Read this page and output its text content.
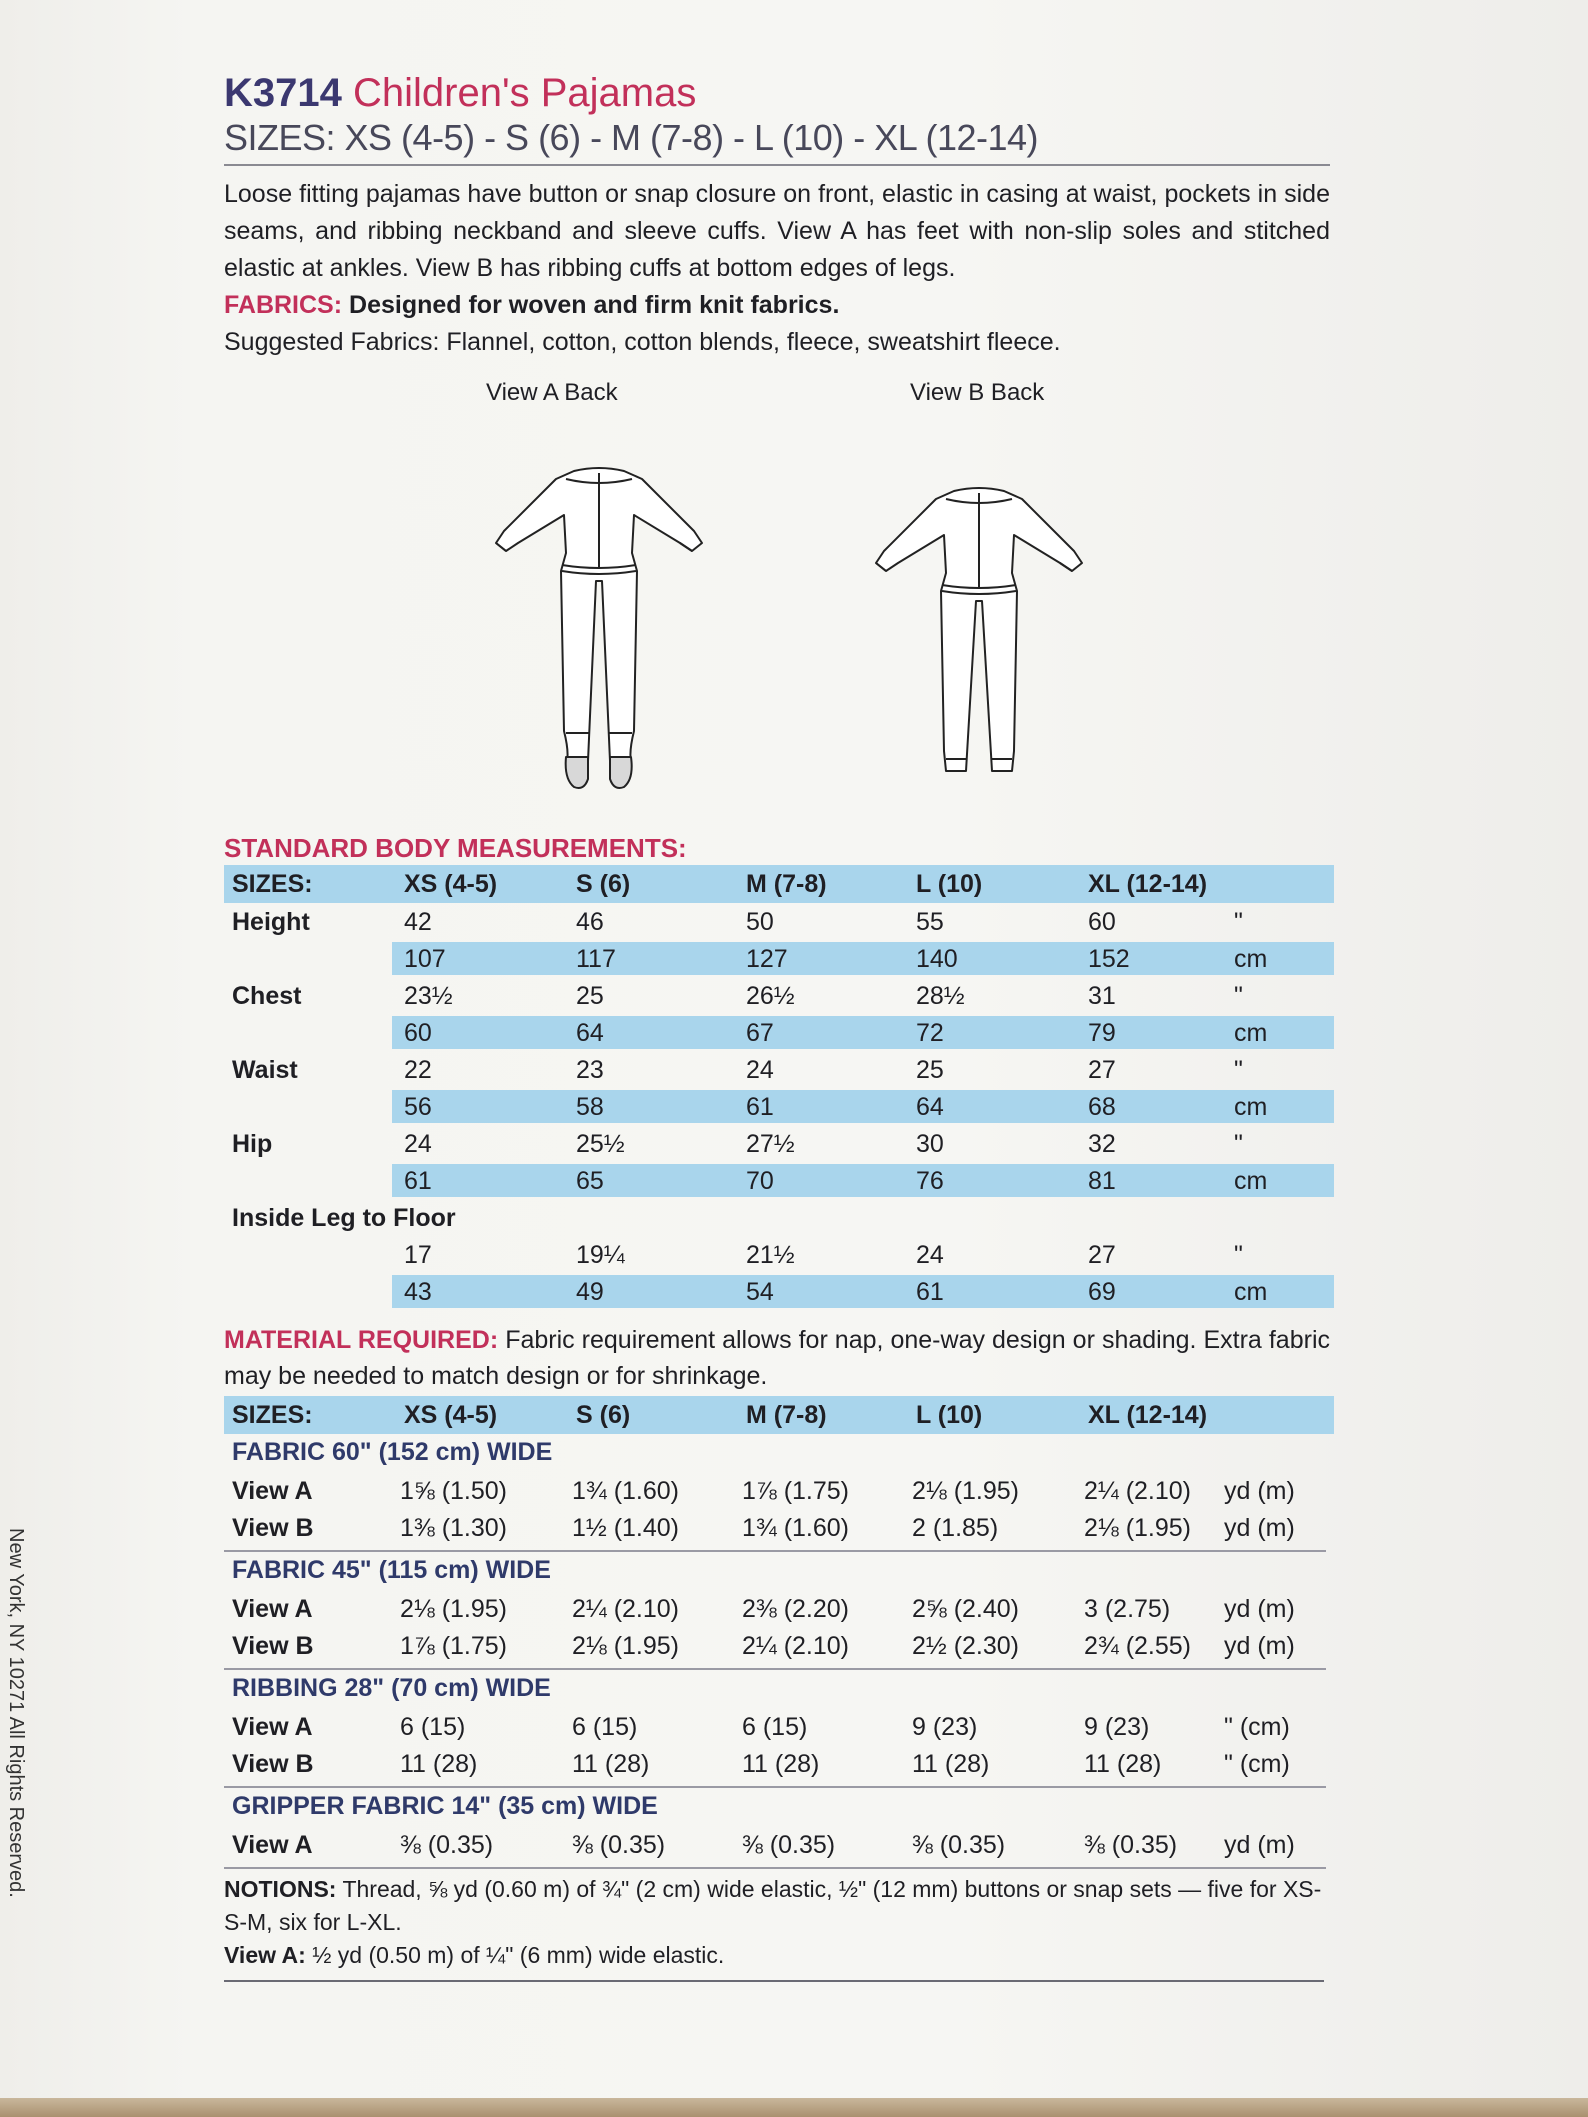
New York, NY 10271 All Rights Reserved.
K3714 Children's Pajamas
SIZES: XS (4-5) - S (6) - M (7-8) - L (10) - XL (12-14)
Loose fitting pajamas have button or snap closure on front, elastic in casing at waist, pockets in side seams, and ribbing neckband and sleeve cuffs. View A has feet with non-slip soles and stitched elastic at ankles. View B has ribbing cuffs at bottom edges of legs.
FABRICS: Designed for woven and firm knit fabrics.
Suggested Fabrics: Flannel, cotton, cotton blends, fleece, sweatshirt fleece.
View A Back	View B Back
STANDARD BODY MEASUREMENTS:
SIZES:	XS (4-5)	S (6)	M (7-8)	L (10)	XL (12-14)
Height	42	46	50	55	60	"
107	117	127	140	152	cm
Chest	23½	25	26½	28½	31	"
60	64	67	72	79	cm
Waist	22	23	24	25	27	"
56	58	61	64	68	cm
Hip	24	25½	27½	30	32	"
61	65	70	76	81	cm
Inside Leg to Floor
17	19¼	21½	24	27	"
43	49	54	61	69	cm
MATERIAL REQUIRED: Fabric requirement allows for nap, one-way design or shading. Extra fabric may be needed to match design or for shrinkage.
SIZES:	XS (4-5)	S (6)	M (7-8)	L (10)	XL (12-14)
FABRIC 60" (152 cm) WIDE
View A	1⅝ (1.50)	1¾ (1.60)	1⅞ (1.75)	2⅛ (1.95)	2¼ (2.10) yd (m)
View B	1⅜ (1.30)	1½ (1.40)	1¾ (1.60)	2 (1.85)	2⅛ (1.95) yd (m)
FABRIC 45" (115 cm) WIDE
View A	2⅛ (1.95)	2¼ (2.10)	2⅜ (2.20)	2⅝ (2.40)	3 (2.75) yd (m)
View B	1⅞ (1.75)	2⅛ (1.95)	2¼ (2.10)	2½ (2.30)	2¾ (2.55) yd (m)
RIBBING 28" (70 cm) WIDE
View A	6 (15)	6 (15)	6 (15)	9 (23)	9 (23)	" (cm)
View B	11 (28)	11 (28)	11 (28)	11 (28)	11 (28)	" (cm)
GRIPPER FABRIC 14" (35 cm) WIDE
View A	⅜ (0.35)	⅜ (0.35)	⅜ (0.35)	⅜ (0.35)	⅜ (0.35) yd (m)
NOTIONS: Thread, ⅝ yd (0.60 m) of ¾" (2 cm) wide elastic, ½" (12 mm) buttons or snap sets — five for XS-S-M, six for L-XL.
View A: ½ yd (0.50 m) of ¼" (6 mm) wide elastic.
